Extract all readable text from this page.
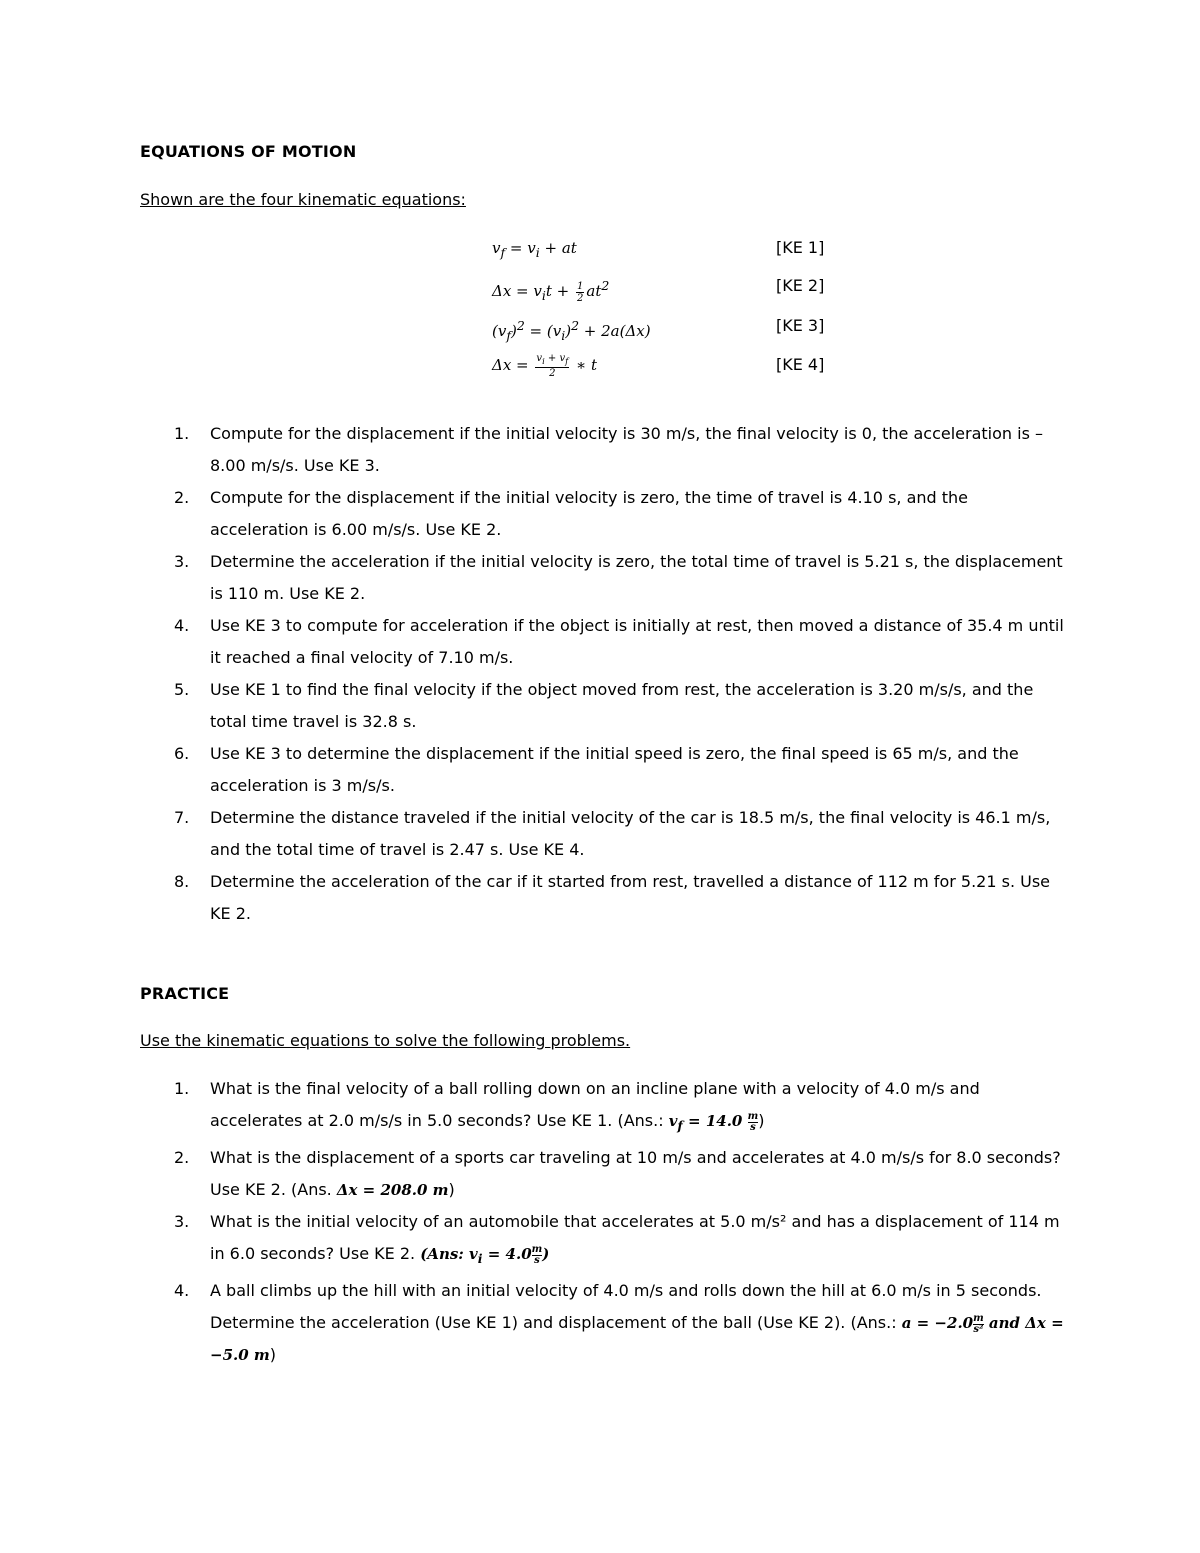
EQUATIONS OF MOTION
Shown are the four kinematic equations:
$v_f = v_i$ + at	[KE 1]
$\Delta x = v_it + \frac{1}{2} at^2$	[KE 2]
$(v_f)^2 = (v_i)^2 + 2a(\Delta x)$	[KE 3]
$\Delta x = \frac{v_i + v_f}{2}$ ∗ t	[KE 4]

1. Compute for the displacement if the initial velocity is 30 m/s, the final velocity is 0, the acceleration is – 8.00 m/s/s. Use KE 3.

2. Compute for the displacement if the initial velocity is zero, the time of travel is 4.10 s, and the acceleration is 6.00 m/s/s. Use KE 2.

3. Determine the acceleration if the initial velocity is zero, the total time of travel is 5.21 s, the displacement is 110 m. Use KE 2.

4. Use KE 3 to compute for acceleration if the object is initially at rest, then moved a distance of 35.4 m until it reached a final velocity of 7.10 m/s.

5. Use KE 1 to find the final velocity if the object moved from rest, the acceleration is 3.20 m/s/s, and the total time travel is 32.8 s.

6. Use KE 3 to determine the displacement if the initial speed is zero, the final speed is 65 m/s, and the acceleration is 3 m/s/s.

7. Determine the distance traveled if the initial velocity of the car is 18.5 m/s, the final velocity is 46.1 m/s, and the total time of travel is 2.47 s. Use KE 4.

8. Determine the acceleration of the car if it started from rest, travelled a distance of 112 m for 5.21 s. Use KE 2.

PRACTICE
Use the kinematic equations to solve the following problems.

1. What is the final velocity of a ball rolling down on an incline plane with a velocity of 4.0 m/s and accelerates at 2.0 m/s/s in 5.0 seconds? Use KE 1. (Ans.: $v_f = 14.0 \frac{m}{s}$ )

2. What is the displacement of a sports car traveling at 10 m/s and accelerates at 4.0 m/s/s for 8.0 seconds? Use KE 2. (Ans. Δx = 208.0 m)

3. What is the initial velocity of an automobile that accelerates at 5.0 m/s² and has a displacement of 114 m in 6.0 seconds? Use KE 2. (Ans: $v_i = 4.0 \frac{m}{s}$ )

4. A ball climbs up the hill with an initial velocity of 4.0 m/s and rolls down the hill at 6.0 m/s in 5 seconds. Determine the acceleration (Use KE 1) and displacement of the ball (Use KE 2). (Ans.: $a = -2.0 \frac{m}{\text{s²}}$ and Δx = −5.0 m)
